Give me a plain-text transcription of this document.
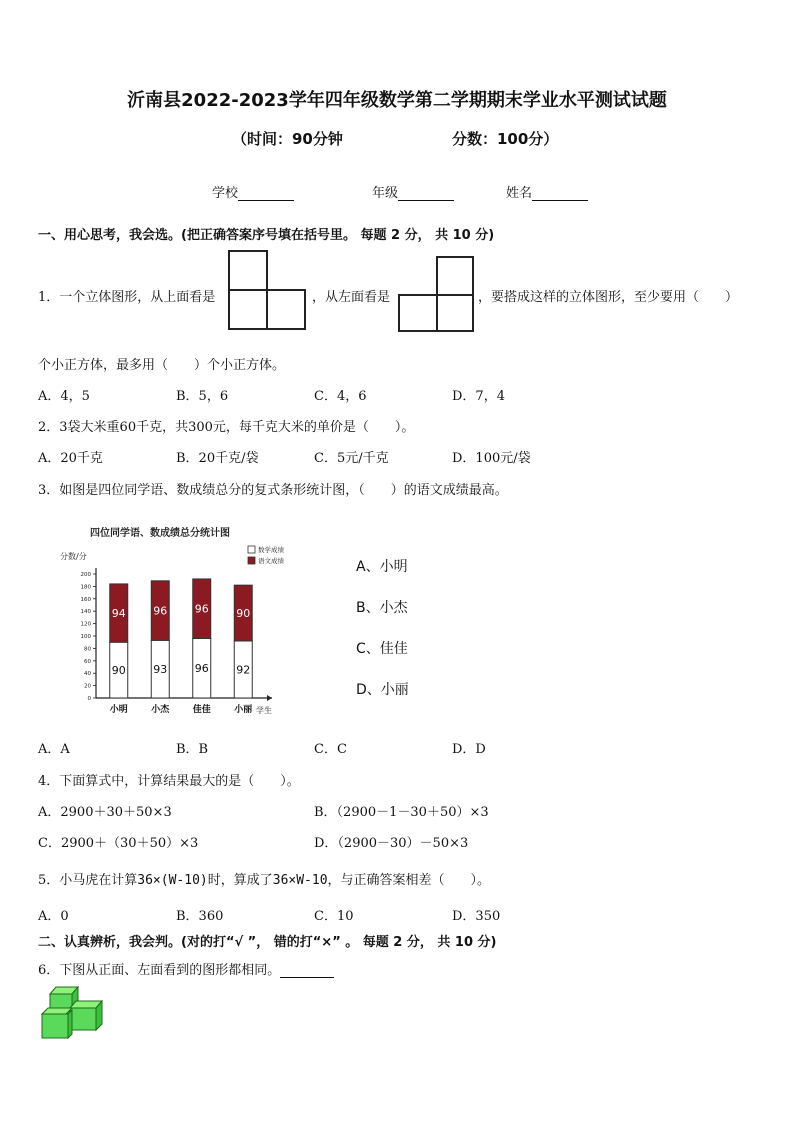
沂南县2022-2023学年四年级数学第二学期期末学业水平测试试题
（时间：90分钟	分数：100分）
学校	年级	姓名
一、用心思考，我会选。(把正确答案序号填在括号里。 每题 2 分， 共 10 分)
1．一个立体图形，从上面看是	，从左面看是	，要搭成这样的立体图形，至少要用（　　）
个小正方体，最多用（　　）个小正方体。
A．4，5	B．5，6	C．4，6	D．7，4
2．3袋大米重60千克，共300元，每千克大米的单价是（　　）。
A．20千克	B．20千克/袋	C．5元/千克	D．100元/袋
3．如图是四位同学语、数成绩总分的复式条形统计图，（　　）的语文成绩最高。
四位同学语、数成绩总分统计图
分数/分
学生
0
20
40
60
80
100
120
140
160
180
200
90
94
小明
93
96
小杰
96
96
佳佳
92
90
小丽
数学成绩
语文成绩	A、小明
B、小杰
C、佳佳
D、小丽
A．A	B．B	C．C	D．D
4．下面算式中，计算结果最大的是（　　）。
A．2900＋30＋50×3	B．（2900－1－30＋50）×3
C．2900＋（30＋50）×3	D．（2900－30）－50×3
5．小马虎在计算36×(W-10)时，算成了36×W-10，与正确答案相差（　　）。
A．0	B．360	C．10	D．350
二、认真辨析，我会判。(对的打“√ ”， 错的打“×” 。 每题 2 分， 共 10 分)
6．下图从正面、左面看到的图形都相同。
